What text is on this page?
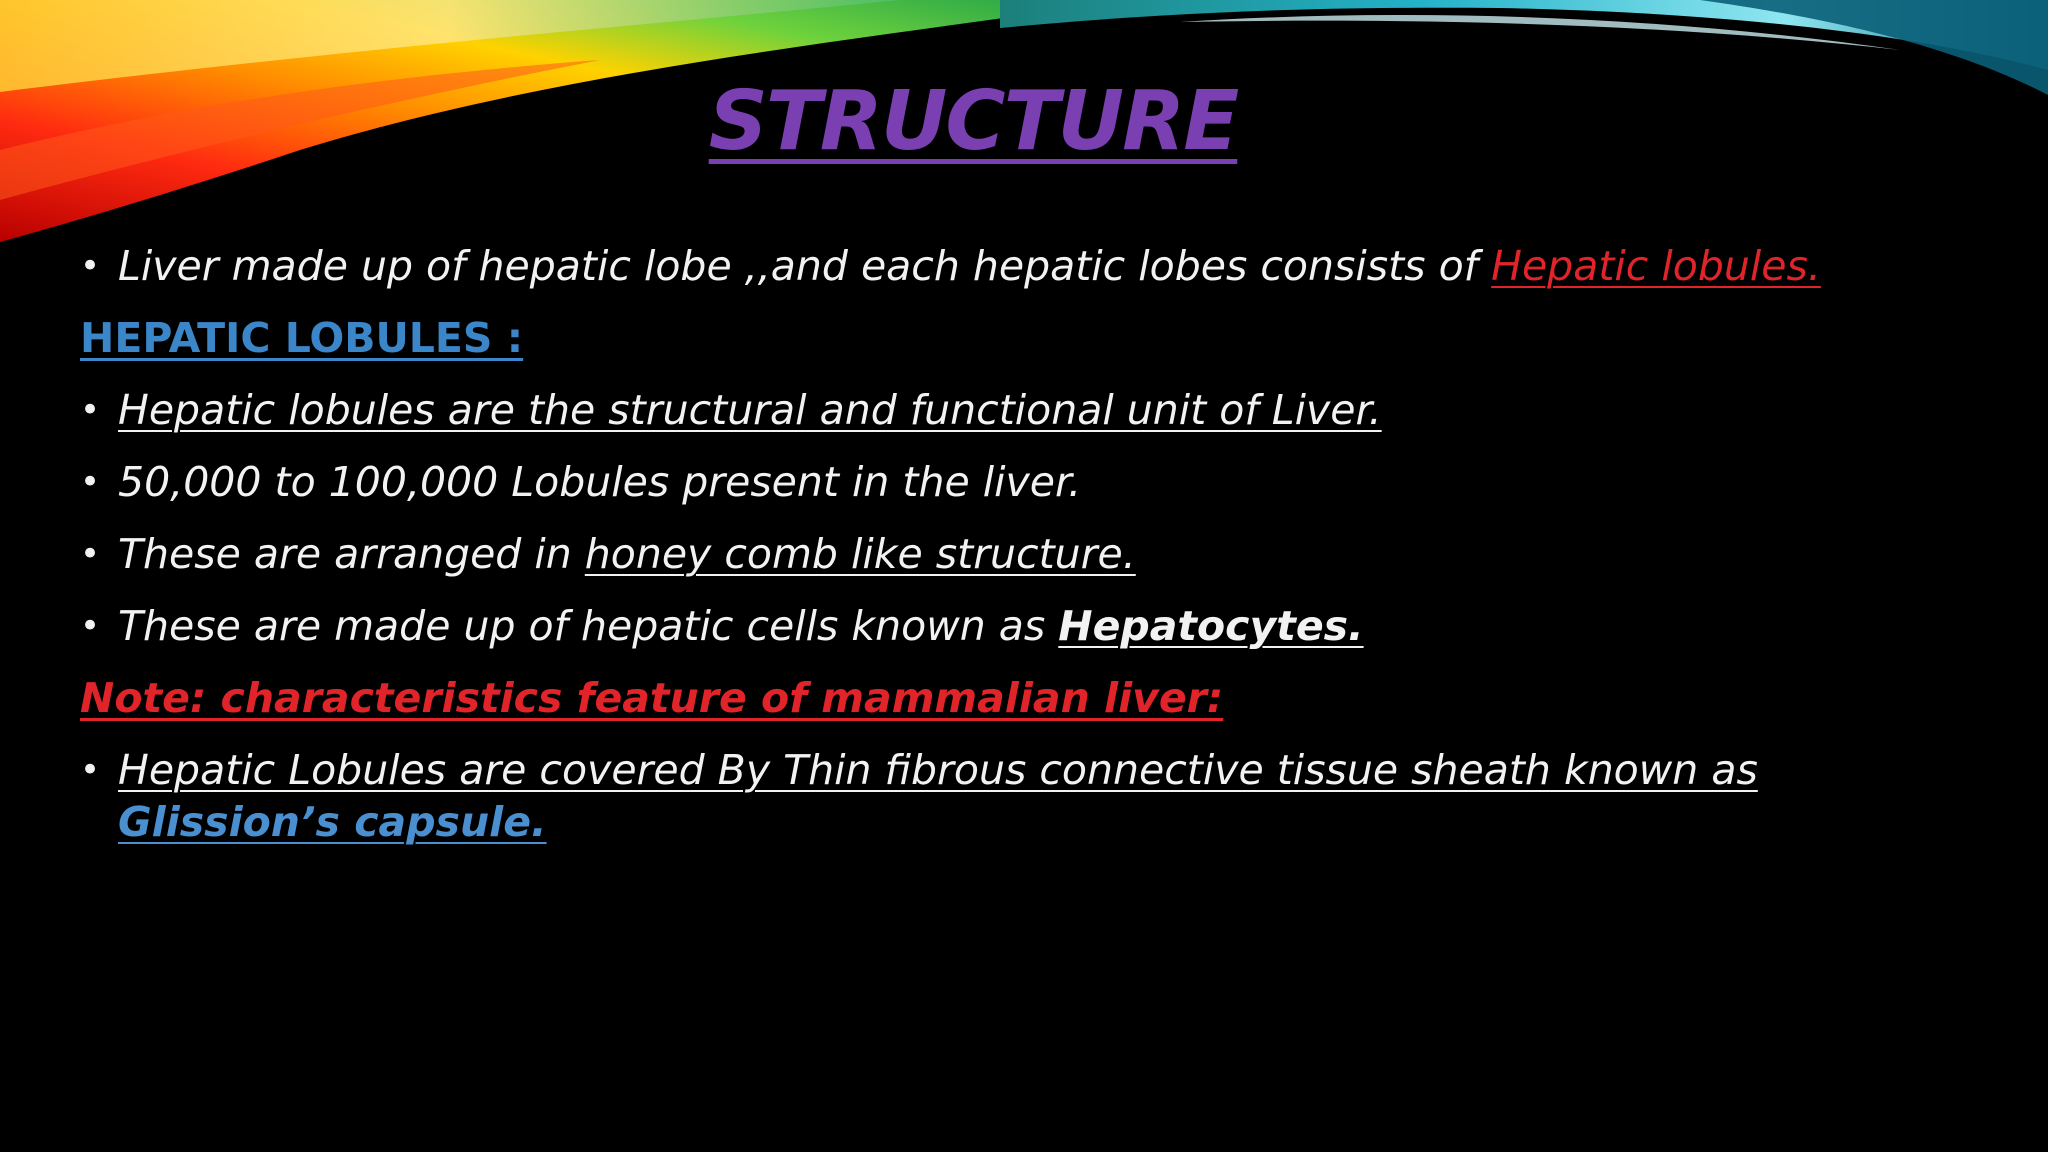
STRUCTURE
• Liver made up of hepatic lobe ,,and each hepatic lobes consists of Hepatic lobules.
HEPATIC LOBULES :
• Hepatic lobules are the structural and functional unit of Liver.
• 50,000 to 100,000 Lobules present in the liver.
• These are arranged in honey comb like structure.
• These are made up of hepatic cells known as Hepatocytes.
Note: characteristics feature of mammalian liver:
• Hepatic Lobules are covered By Thin fibrous connective tissue sheath known as Glission’s capsule.
